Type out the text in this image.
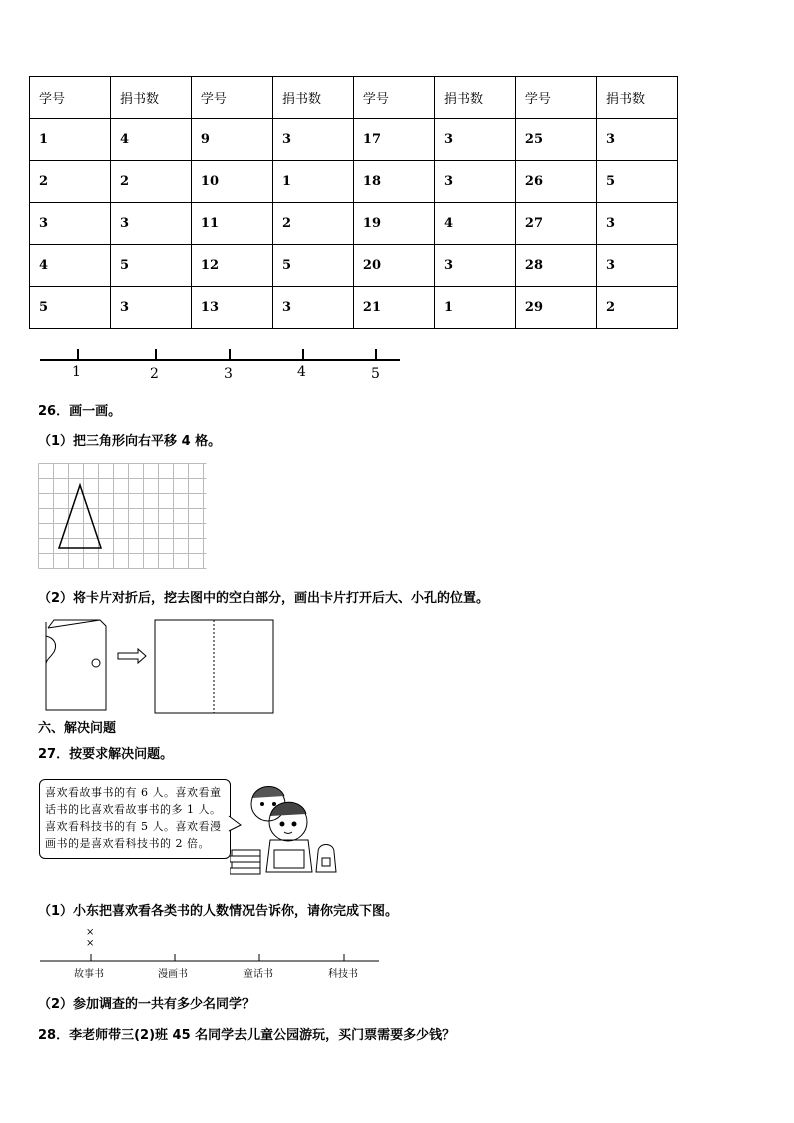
学号	捐书数	学号	捐书数	学号	捐书数	学号	捐书数
1	4	9	3	17	3	25	3
2	2	10	1	18	3	26	5
3	3	11	2	19	4	27	3
4	5	12	5	20	3	28	3
5	3	13	3	21	1	29	2
1	2	3	4	5
26．画一画。
（1）把三角形向右平移 4 格。
（2）将卡片对折后，挖去图中的空白部分，画出卡片打开后大、小孔的位置。
六、解决问题
27．按要求解决问题。
喜欢看故事书的有 6 人。喜欢看童
话书的比喜欢看故事书的多 1 人。
喜欢看科技书的有 5 人。喜欢看漫
画书的是喜欢看科技书的 2 倍。
（1）小东把喜欢看各类书的人数情况告诉你，请你完成下图。
×
×
故事书	漫画书	童话书	科技书
（2）参加调查的一共有多少名同学？
28．李老师带三(2)班 45 名同学去儿童公园游玩，买门票需要多少钱？
